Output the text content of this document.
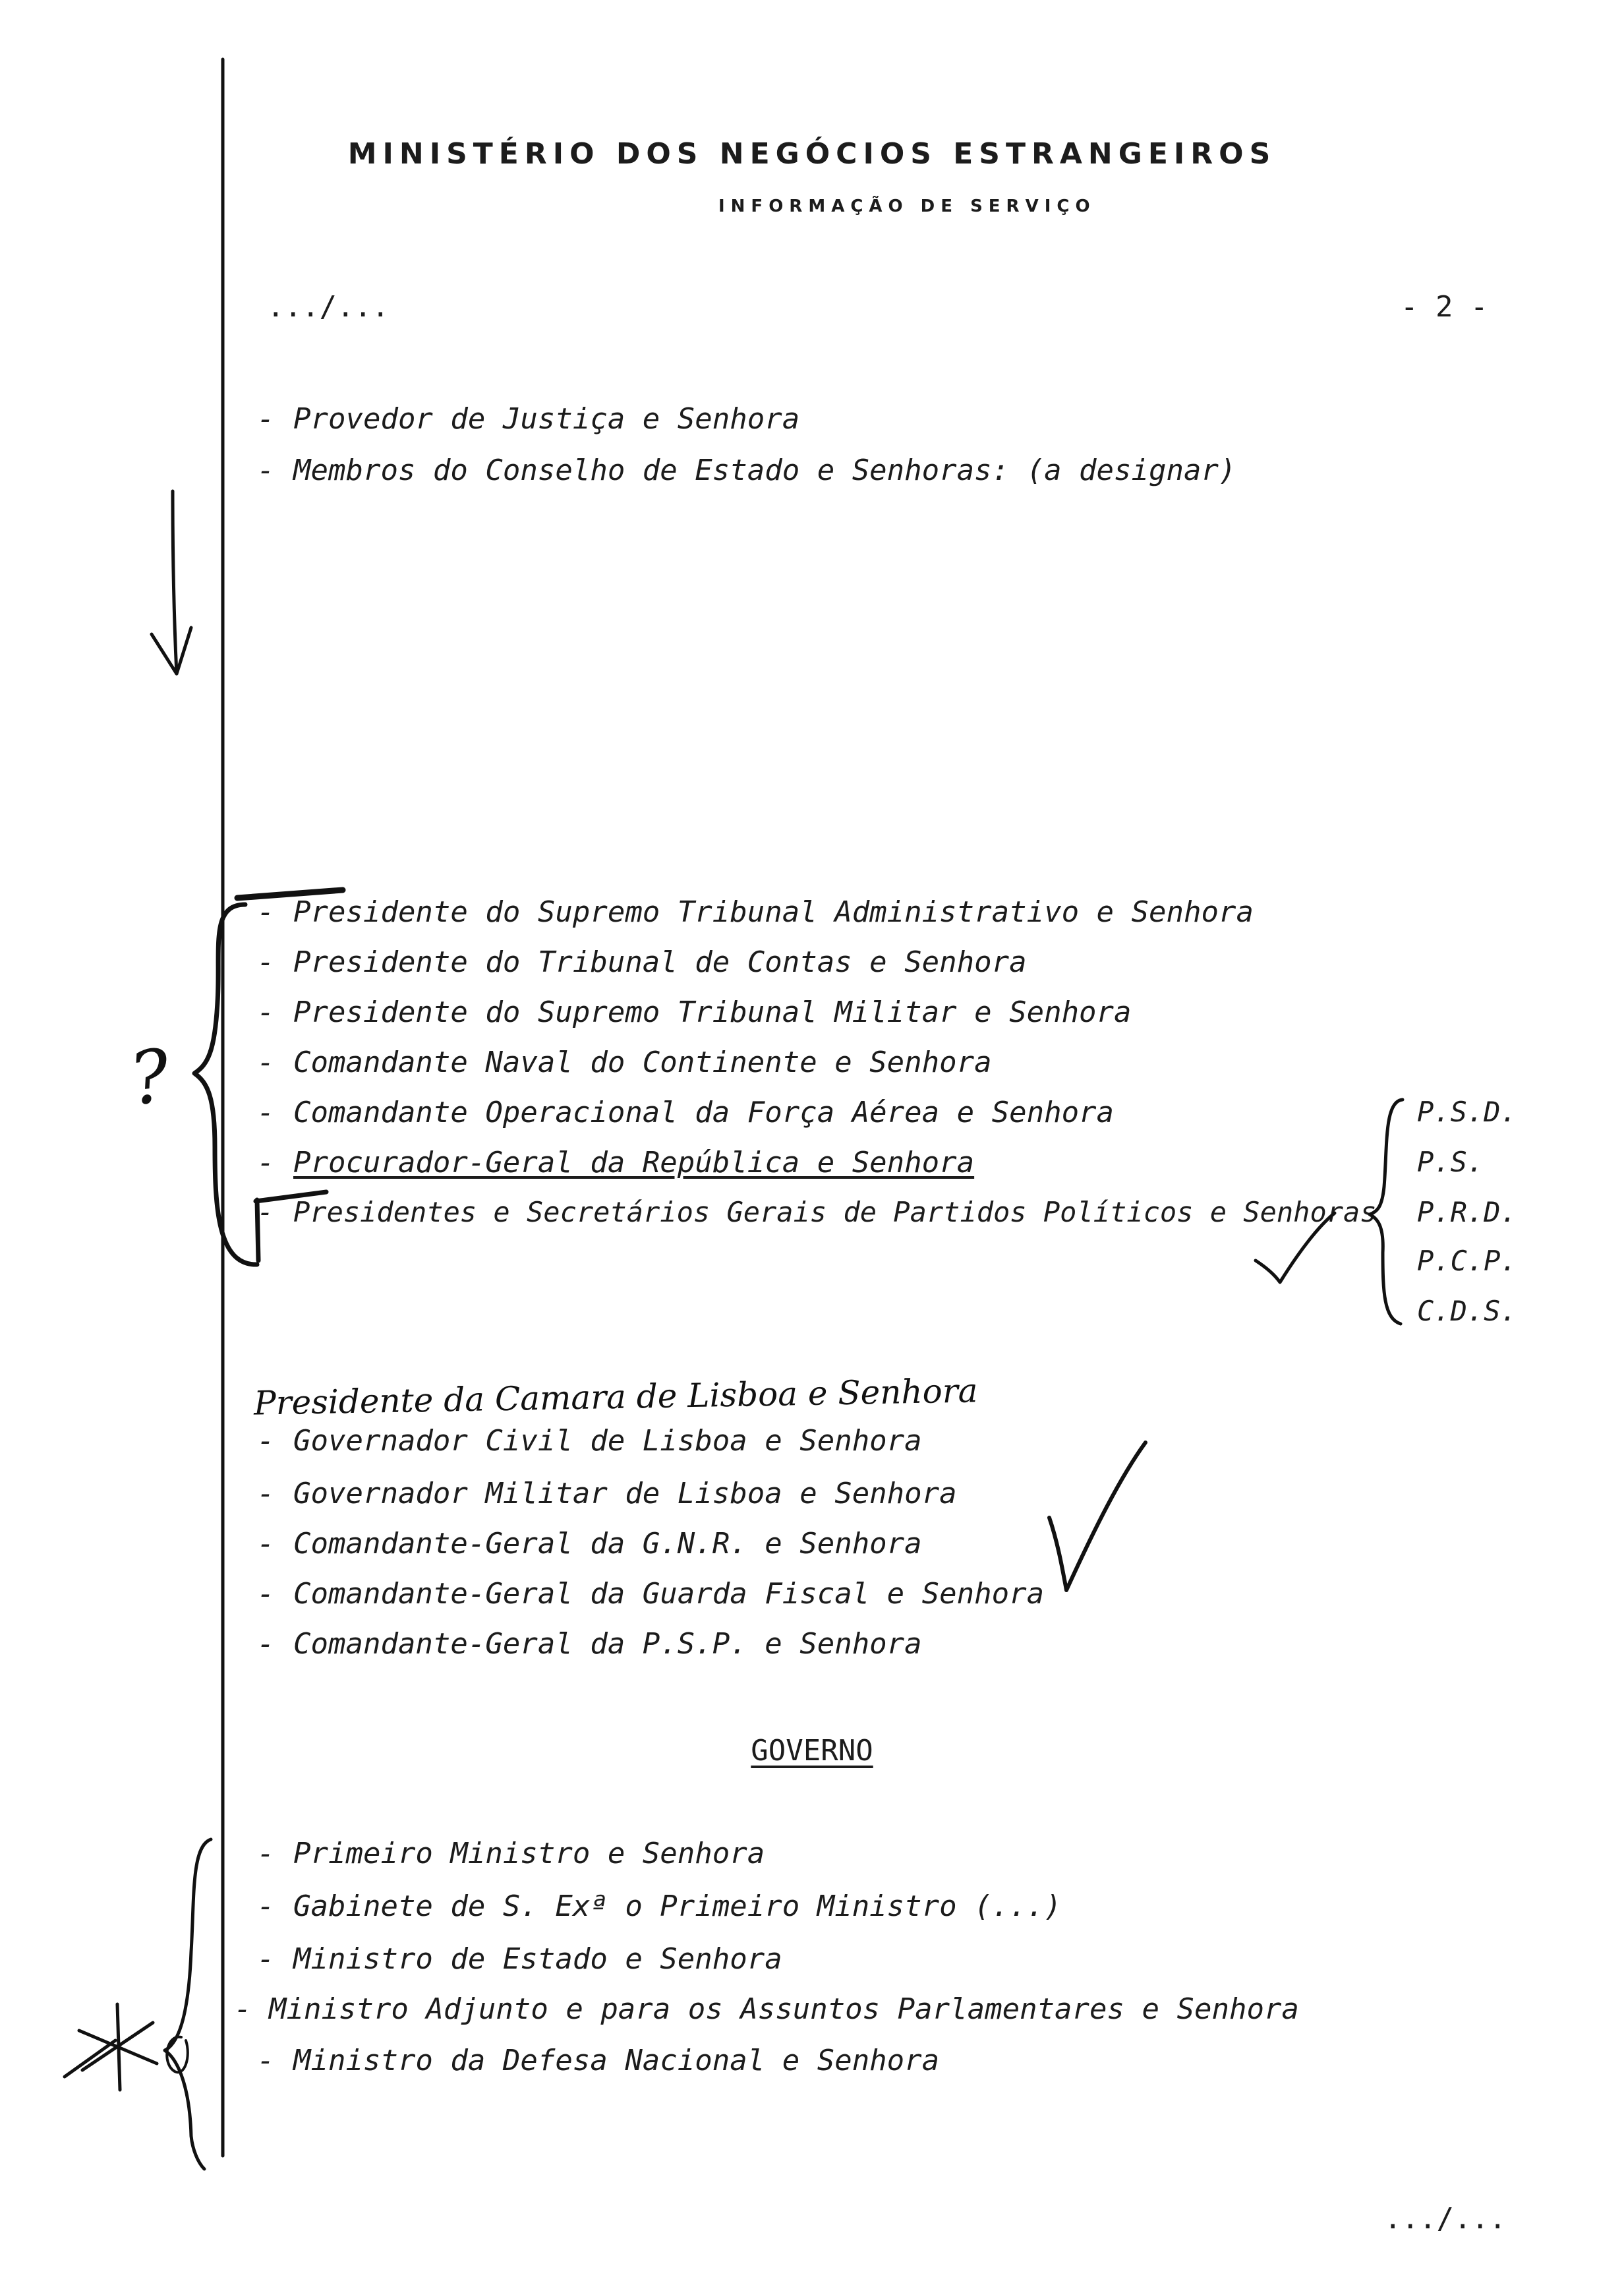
MINISTÉRIO DOS NEGÓCIOS ESTRANGEIROS
INFORMAÇÃO DE SERVIÇO
.../...	- 2 -
- Provedor de Justiça e Senhora
- Membros do Conselho de Estado e Senhoras: (a designar)
- Presidente do Supremo Tribunal Administrativo e Senhora
- Presidente do Tribunal de Contas e Senhora
- Presidente do Supremo Tribunal Militar e Senhora
- Comandante Naval do Continente e Senhora
- Comandante Operacional da Força Aérea e Senhora
- Procurador-Geral da República e Senhora
- Presidentes e Secretários Gerais de Partidos Políticos e Senhoras
P.S.D.
P.S.
P.R.D.
P.C.P.
C.D.S.
Presidente da Camara de Lisboa e Senhora
- Governador Civil de Lisboa e Senhora
- Governador Militar de Lisboa e Senhora
- Comandante-Geral da G.N.R. e Senhora
- Comandante-Geral da Guarda Fiscal e Senhora
- Comandante-Geral da P.S.P. e Senhora
GOVERNO
- Primeiro Ministro e Senhora
- Gabinete de S. Exª o Primeiro Ministro (...)
- Ministro de Estado e Senhora
- Ministro Adjunto e para os Assuntos Parlamentares e Senhora
- Ministro da Defesa Nacional e Senhora
.../...
?
